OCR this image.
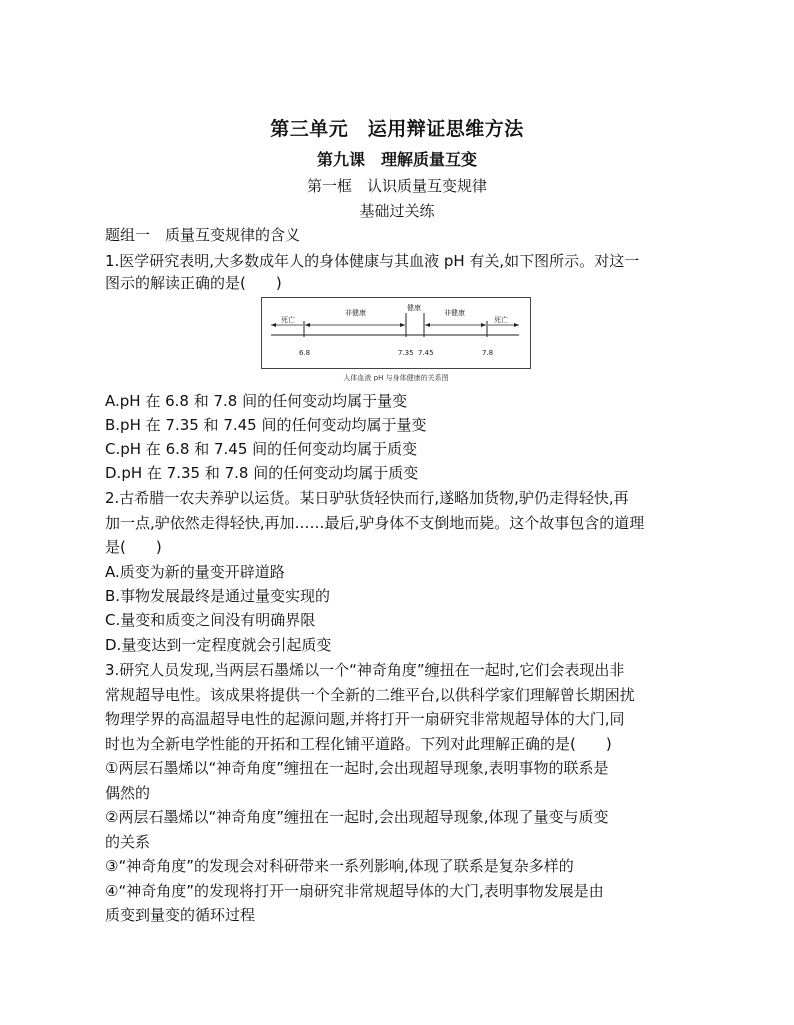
第三单元　运用辩证思维方法
第九课　理解质量互变
第一框　认识质量互变规律
基础过关练
题组一　质量互变规律的含义
1.医学研究表明,大多数成年人的身体健康与其血液 pH 有关,如下图所示。对这一
图示的解读正确的是(　　)
死亡
非健康
健康
非健康
死亡
6.8	7.35 7.45	7.8
人体血液 pH 与身体健康的关系图
A.pH 在 6.8 和 7.8 间的任何变动均属于量变
B.pH 在 7.35 和 7.45 间的任何变动均属于量变
C.pH 在 6.8 和 7.45 间的任何变动均属于质变
D.pH 在 7.35 和 7.8 间的任何变动均属于质变
2.古希腊一农夫养驴以运货。某日驴驮货轻快而行,遂略加货物,驴仍走得轻快,再
加一点,驴依然走得轻快,再加……最后,驴身体不支倒地而毙。这个故事包含的道理
是(　　)
A.质变为新的量变开辟道路
B.事物发展最终是通过量变实现的
C.量变和质变之间没有明确界限
D.量变达到一定程度就会引起质变
3.研究人员发现,当两层石墨烯以一个“神奇角度”缠扭在一起时,它们会表现出非
常规超导电性。该成果将提供一个全新的二维平台,以供科学家们理解曾长期困扰
物理学界的高温超导电性的起源问题,并将打开一扇研究非常规超导体的大门,同
时也为全新电学性能的开拓和工程化铺平道路。下列对此理解正确的是(　　)
①两层石墨烯以“神奇角度”缠扭在一起时,会出现超导现象,表明事物的联系是
偶然的
②两层石墨烯以“神奇角度”缠扭在一起时,会出现超导现象,体现了量变与质变
的关系
③“神奇角度”的发现会对科研带来一系列影响,体现了联系是复杂多样的
④“神奇角度”的发现将打开一扇研究非常规超导体的大门,表明事物发展是由
质变到量变的循环过程
